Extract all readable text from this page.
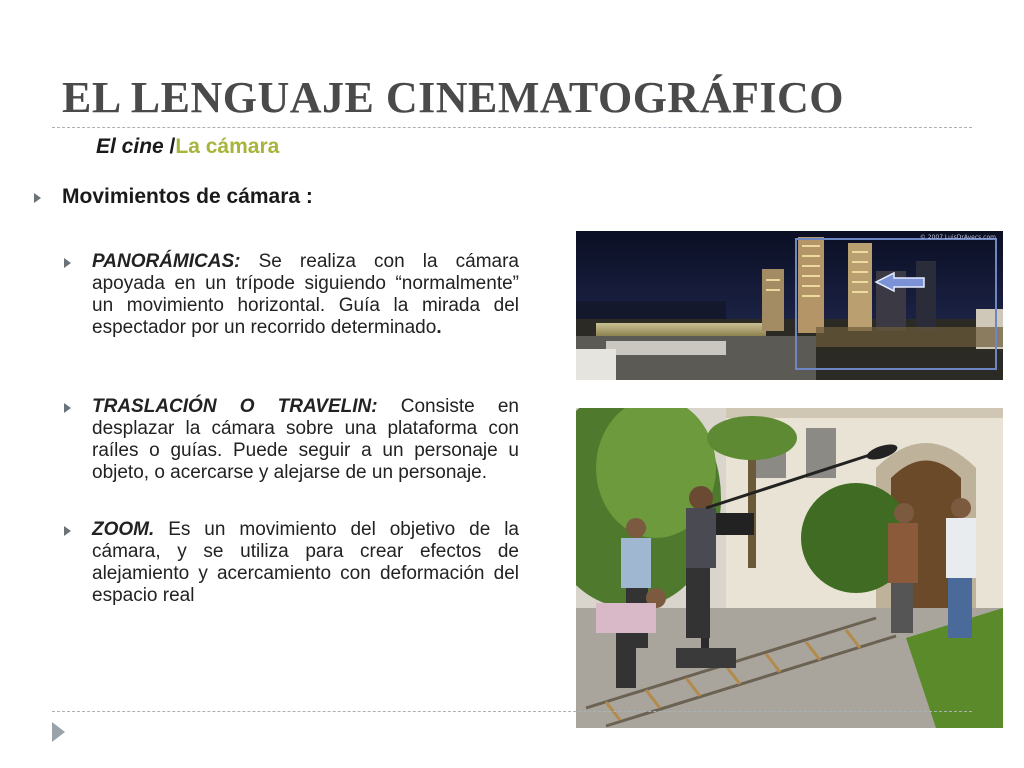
EL LENGUAJE CINEMATOGRÁFICO
El cine /La cámara
Movimientos de cámara :
PANORÁMICAS: Se realiza con la cámara apoyada en un trípode siguiendo “normalmente” un movimiento horizontal. Guía la mirada del espectador por un recorrido determinado.
TRASLACIÓN O TRAVELIN: Consiste en desplazar la cámara sobre una plataforma con raíles o guías. Puede seguir a un personaje u objeto, o acercarse y alejarse de un personaje.
ZOOM. Es un movimiento del objetivo de la cámara, y se utiliza para crear efectos de alejamiento y acercamiento con deformación del espacio real
© 2007 LuisDrAvecs.com
